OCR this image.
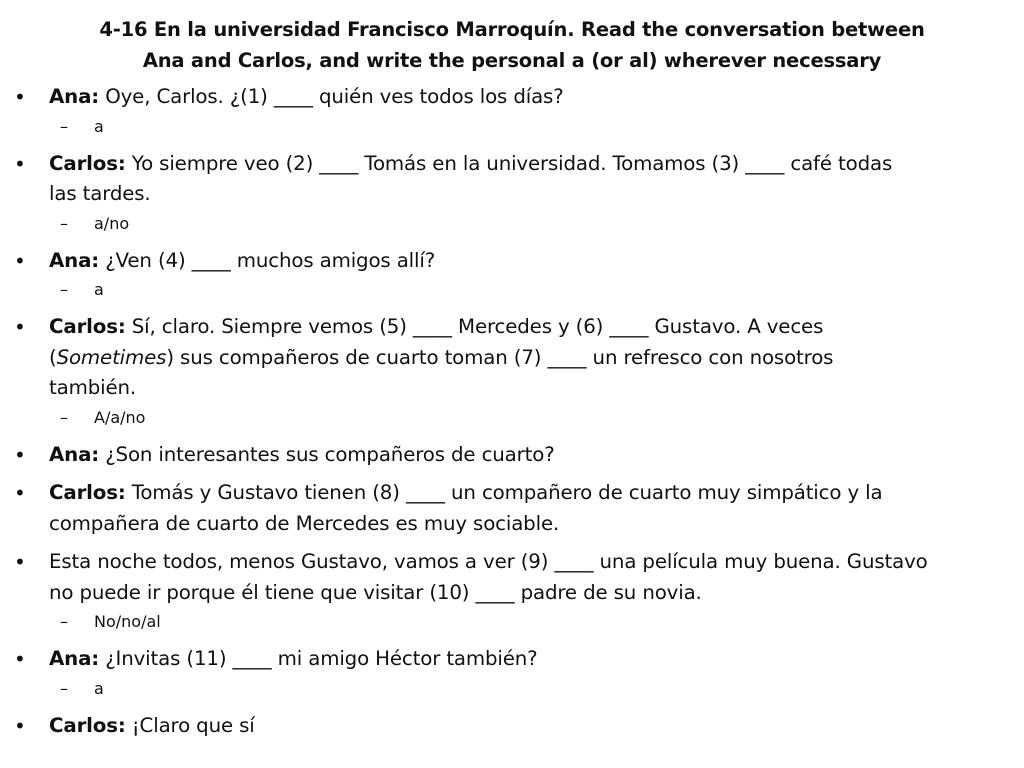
4-16 En la universidad Francisco Marroquín. Read the conversation between
Ana and Carlos, and write the personal a (or al) wherever necessary
• Ana: Oye, Carlos. ¿(1) ____ quién ves todos los días?
– a
• Carlos: Yo siempre veo (2) ____ Tomás en la universidad. Tomamos (3) ____ café todas
las tardes.
– a/no
• Ana: ¿Ven (4) ____ muchos amigos allí?
– a
• Carlos: Sí, claro. Siempre vemos (5) ____ Mercedes y (6) ____ Gustavo. A veces
(Sometimes) sus compañeros de cuarto toman (7) ____ un refresco con nosotros
también.
– A/a/no
• Ana: ¿Son interesantes sus compañeros de cuarto?
• Carlos: Tomás y Gustavo tienen (8) ____ un compañero de cuarto muy simpático y la
compañera de cuarto de Mercedes es muy sociable.
• Esta noche todos, menos Gustavo, vamos a ver (9) ____ una película muy buena. Gustavo
no puede ir porque él tiene que visitar (10) ____ padre de su novia.
– No/no/al
• Ana: ¿Invitas (11) ____ mi amigo Héctor también?
– a
• Carlos: ¡Claro que sí
